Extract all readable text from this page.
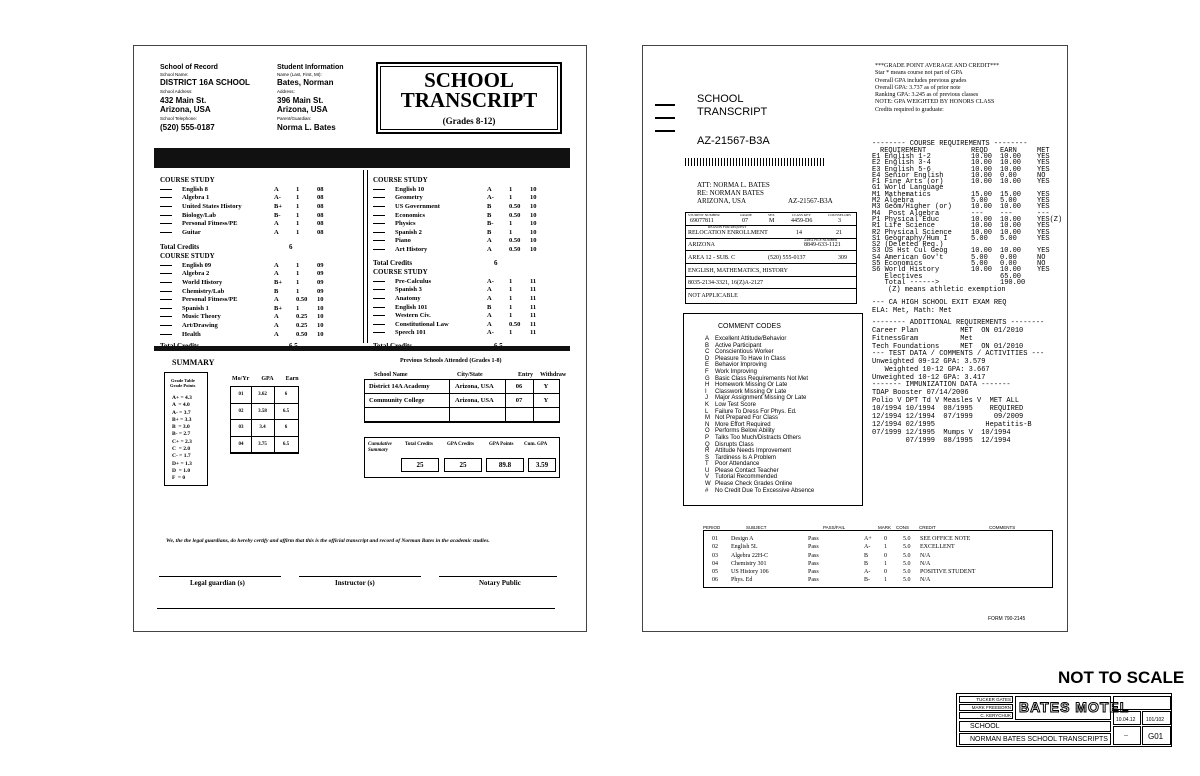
School of Record
School Name:
DISTRICT 16A SCHOOL
School Address:
432 Main St.
Arizona, USA
School Telephone:
(520) 555-0187
Student Information
Name (Last, First, MI):
Bates, Norman
Address:
396 Main St.
Arizona, USA
Parent/Guardian:
Norma L. Bates
SCHOOL
TRANSCRIPT
(Grades 8-12)
COURSE STUDY
English 8	A	1	08
Algebra 1	A-	1	08
United States History	B+	1	08
Biology/Lab	B-	1	08
Personal Fitness/PE	A	1	08
Guitar	A	1	08
Total Credits	6
COURSE STUDY
English 09	A	1	09
Algebra 2	A	1	09
World History	B+	1	09
Chemistry/Lab	B	1	09
Personal Fitness/PE	A	0.50	10
Spanish 1	B+	1	10
Music Theory	A	0.25	10
Art/Drawing	A	0.25	10
Health	A	0.50	10
COURSE STUDY
English 10	A	1	10
Geometry	A-	1	10
US Government	B	0.50	10
Economics	B	0.50	10
Physics	B-	1	10
Spanish 2	B	1	10
Piano	A	0.50	10
Art History	A	0.50	10
Total Credits	6
COURSE STUDY
Pre-Calculus	A-	1	11
Spanish 3	A	1	11
Anatomy	A	1	11
English 101	B	1	11
Western Civ.	A	1	11
Constitutional Law	A	0.50	11
Speech 101	A-	1	11
SUMMARY
Grade Table
Grade Points
A+ = 4.3
A  = 4.0
A- = 3.7
B+ = 3.3
B  = 3.0
B- = 2.7
C+ = 2.3
C  = 2.0
C- = 1.7
D+ = 1.3
D  = 1.0
F  = 0
Mo/Yr GPA Earn
01	3.62	6
02	3.58	6.5
03	3.4	6
04	3.75	6.5
Previous Schools Attended (Grades 1-8)
School Name	City/State	Entry Withdraw
District 14A Academy	Arizona, USA	06	Y
Community College	Arizona, USA	07	Y
Cumulative
Summary
Total Credits	GPA Credits	GPA Points Cum. GPA
25	25	89.8	3.59
We, the the legal guardians, do hereby certify and affirm that this is the official transcript and record of Norman Bates in the academic studies.
Legal guardian (s)	Instructor (s)	Notary Public
SCHOOL
TRANSCRIPT
AZ-21567-B3A
ATT: NORMA L. BATES
RE: NORMAN BATES
ARIZONA, USA	AZ-21567-B3A
STUDENT NUMBER
69077811
GRADE
07
SEX
M
CLASS KEY
4459-D6
COUNSELORS
3
REASON FOR REQUEST
RELOCATION ENROLLMENT	14	21
ARIZONA
AREA FILE NUMBER
8849-633-1121
AREA 12 - SUB. C	(520) 555-0137	309
ENGLISH, MATHEMATICS, HISTORY
8035-2134-3321, 16(Z)A-2127
NOT APPLICABLE
***GRADE POINT AVERAGE AND CREDIT***
Star * means course not part of GPA
Overall GPA includes previous grades
Overall GPA: 3.737 as of prior note
Ranking GPA: 3.245 as of previous classes
NOTE: GPA WEIGHTED BY HONORS CLASS
Credits required to graduate:
-------- COURSE REQUIREMENTS --------
REQUIREMENT	REQD EARN	MET
E1 English 1-2	10.00 10.00 YES
E2 English 3-4	10.00 10.00 YES
E3 English 5-6	10.00 10.00 YES
E4 Senior English	10.00 0.00	NO
F1 Fine Arts (or)	10.00 10.00 YES
G1 World Language
M1 Mathematics	15.00 15.00 YES
M2 Algebra	5.00 5.00	YES
M3 Geom/Higher (or)	10.00 10.00 YES
M4  Post Algebra	--- ---	---
P1 Physical Educ	10.00 10.00 YES(Z)
R1 Life Science	10.00 10.00 YES
R2 Physical Science	10.00 10.00 YES
S1 Geography/Hum I	5.00 5.00	YES
S2 (Deleted Req.)
S3 US Hst Cul Geog	10.00 10.00 YES
S4 American Gov't	5.00 0.00	NO
S5 Economics	5.00 0.00	NO
S6 World History	10.00 10.00 YES
Electives	65.00
Total ------>	190.00
(Z) means athletic exemption
--- CA HIGH SCHOOL EXIT EXAM REQ
ELA: Met, Math: Met
-------- ADDITIONAL REQUIREMENTS --------
Career Plan          MET  ON 01/2010
FitnessGram          Met
Tech Foundations     MET  ON 01/2010
--- TEST DATA / COMMENTS / ACTIVITIES ---
Unweighted 09-12 GPA: 3.579
Weighted 10-12 GPA: 3.667
Unweighted 10-12 GPA: 3.417
------- IMMUNIZATION DATA -------
TDAP Booster 07/14/2006
Polio V DPT Td V Measles V  MET ALL
10/1994 10/1994  08/1995    REQUIRED
12/1994 12/1994  07/1999     09/2009
12/1994 02/1995            Hepatitis-B
07/1999 12/1995  Mumps V  10/1994
07/1999  08/1995  12/1994
COMMENT CODES
A Excellent Attitude/Behavior
B Active Participant
C Conscientious Worker
D Pleasure To Have In Class
E Behavior Improving
F	Work Improving
G Basic Class Requirements Not Met
H Homework Missing Or Late
I	Classwork Missing Or Late
J	Major Assignment Missing Or Late
K Low Test Score
L	Failure To Dress For Phys. Ed.
M Not Prepared For Class
N More Effort Required
O Performs Below Ability
P Talks Too Much/Distracts Others
Q Disrupts Class
R Attitude Needs Improvement
S Tardiness Is A Problem
T	Poor Attendance
U Please Contact Teacher
V Tutorial Recommended
W Please Check Grades Online
#	No Credit Due To Excessive Absence
PERIOD	SUBJECT	PASS/FAIL	MARK CONS CREDIT	COMMENTS
01 Design A	Pass	A+ 0	5.0 SEE OFFICE NOTE
02 English 5L	Pass	A- 1	5.0 EXCELLENT
03 Algebra 22H-C	Pass	B	0	5.0 N/A
04 Chemistry 301	Pass	B	1	5.0 N/A
05 US History 106	Pass	A- 0	5.0 POSITIVE STUDENT
06 Phys. Ed	Pass	B- 1	5.0 N/A
FORM 790-2145
NOT TO SCALE
TUCKER GATES
MARK FREEBORN
C. KERYCHUK
BATES MOTEL
SCHOOL
NORMAN BATES SCHOOL TRANSCRIPTS
10.04.12 101/102
--	G01
